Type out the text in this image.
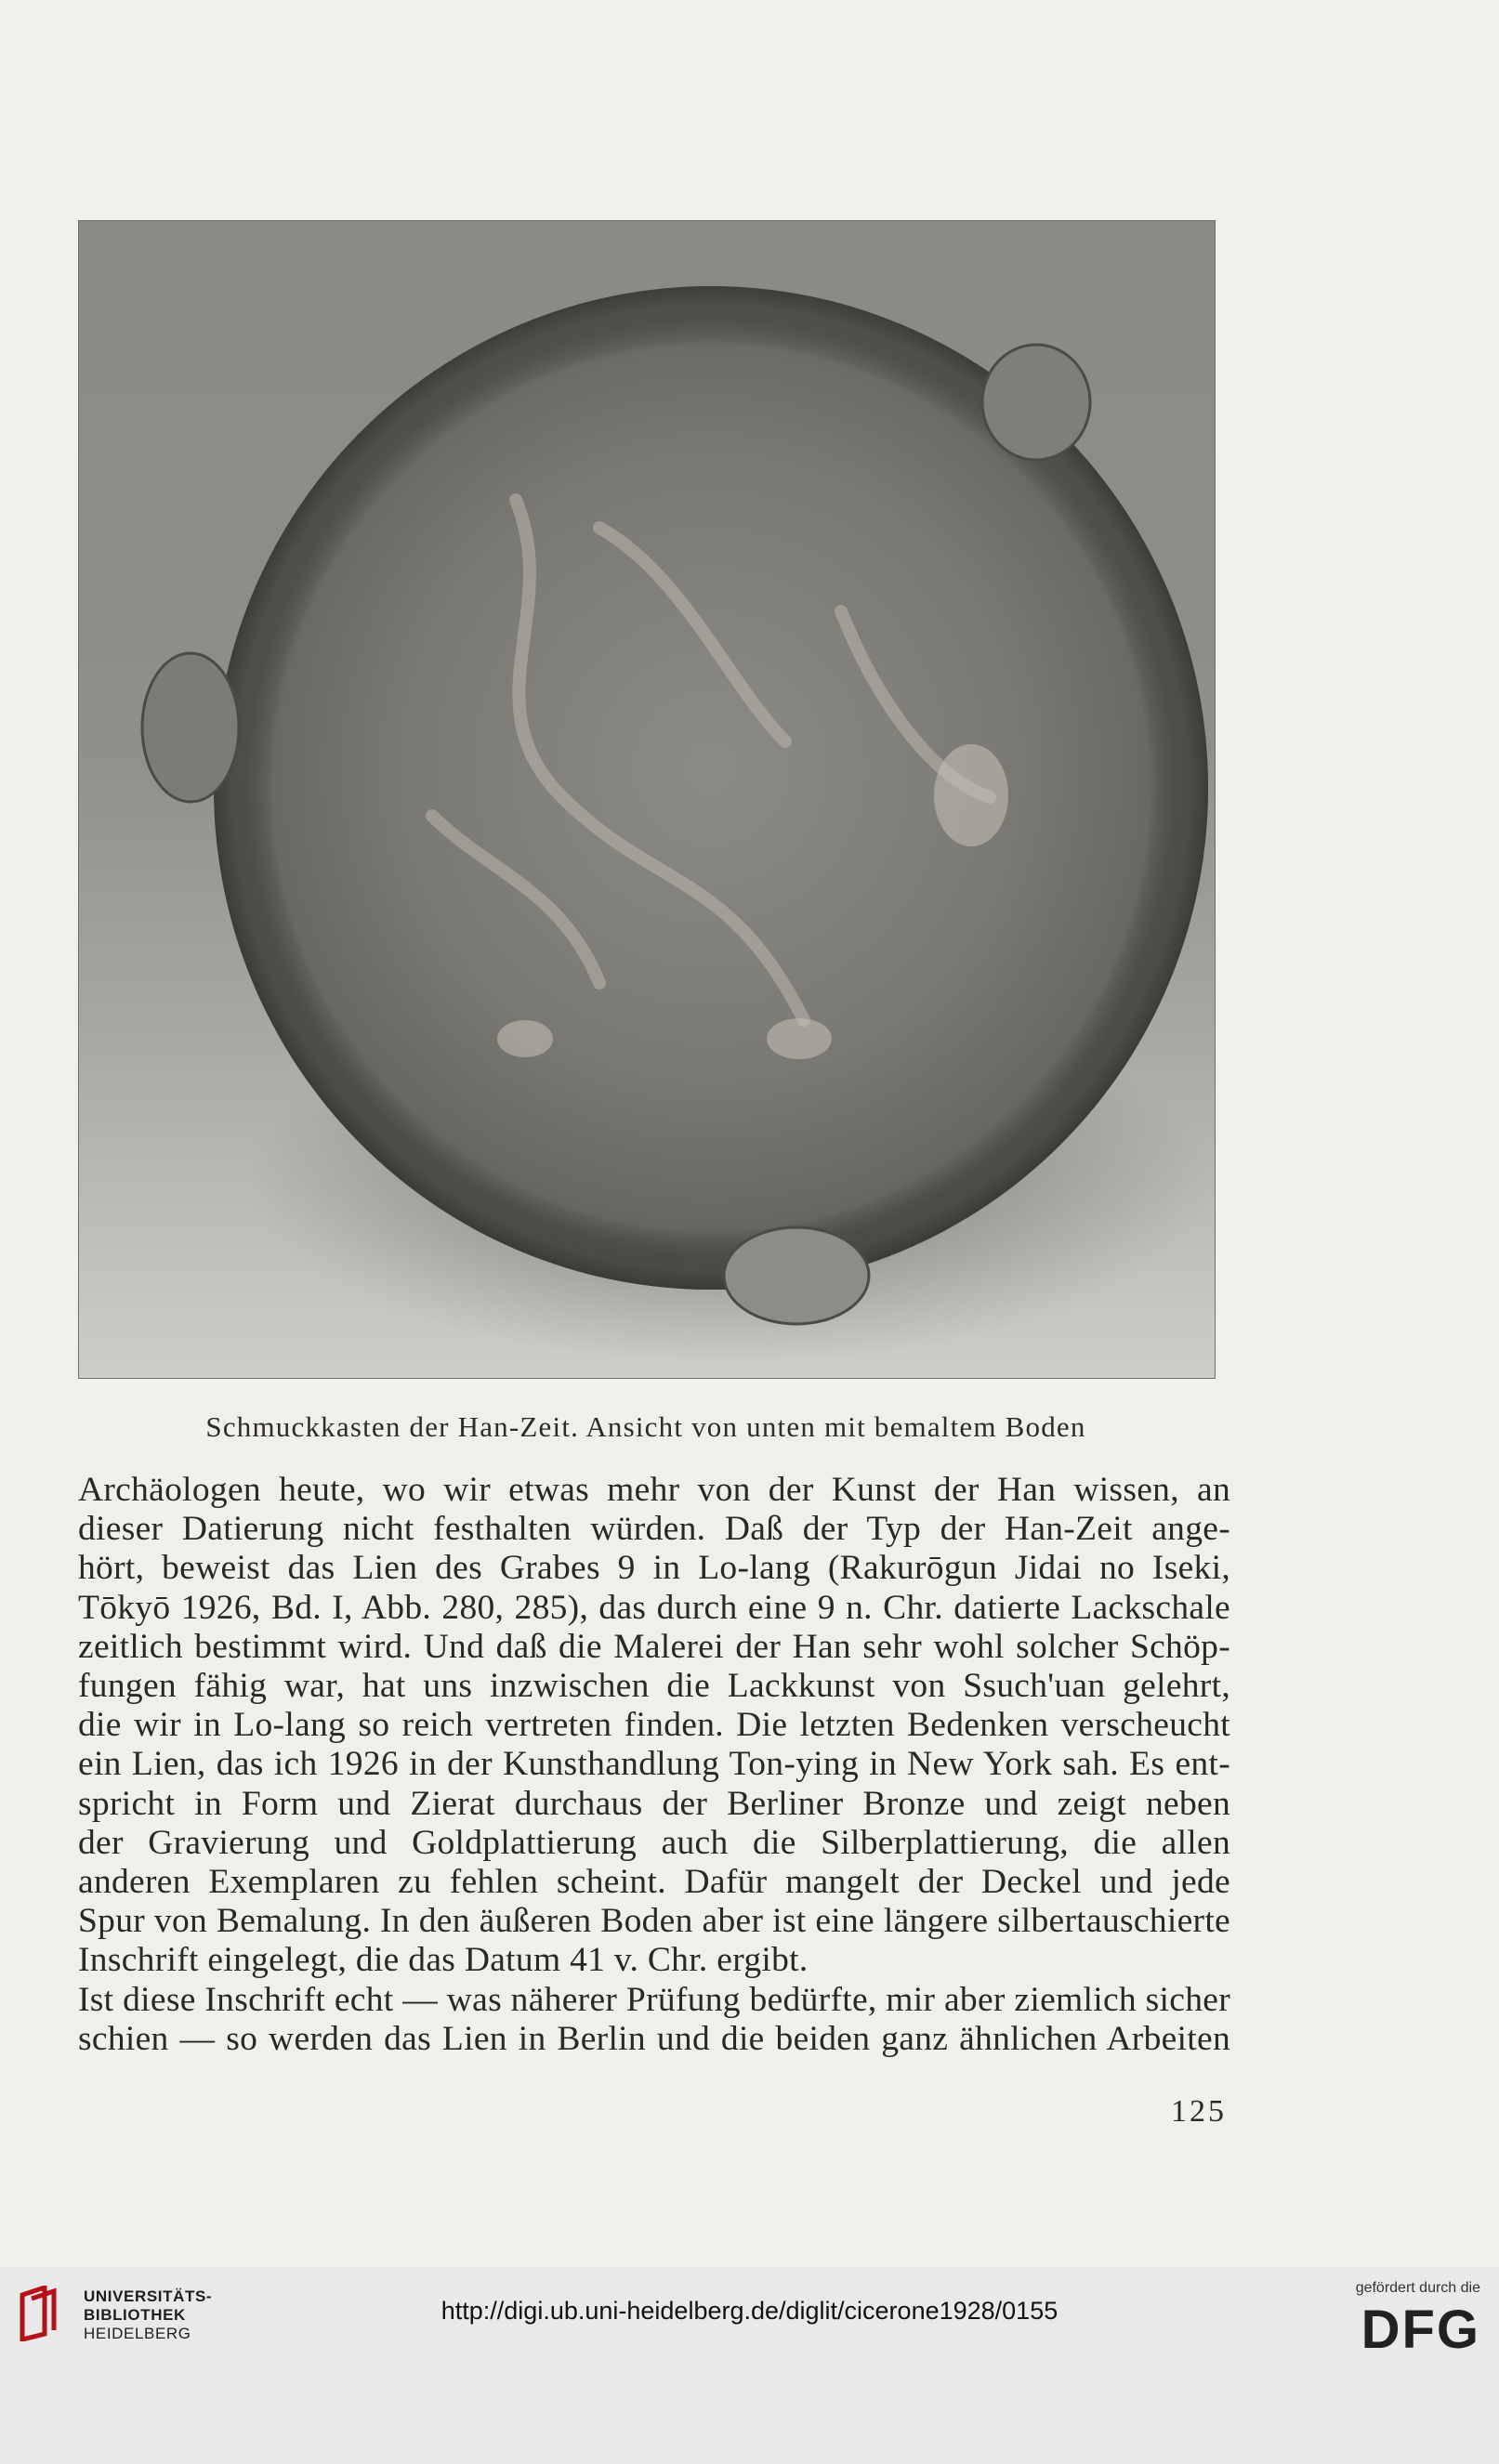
Schmuckkasten der Han-Zeit. Ansicht von unten mit bemaltem Boden
Archäologen heute, wo wir etwas mehr von der Kunst der Han wissen, an
dieser Datierung nicht festhalten würden. Daß der Typ der Han-Zeit ange-
hört, beweist das Lien des Grabes 9 in Lo-lang (Rakurōgun Jidai no Iseki,
Tōkyō 1926, Bd. I, Abb. 280, 285), das durch eine 9 n. Chr. datierte Lackschale
zeitlich bestimmt wird. Und daß die Malerei der Han sehr wohl solcher Schöp-
fungen fähig war, hat uns inzwischen die Lackkunst von Ssuch'uan gelehrt,
die wir in Lo-lang so reich vertreten finden. Die letzten Bedenken verscheucht
ein Lien, das ich 1926 in der Kunsthandlung Ton-ying in New York sah. Es ent-
spricht in Form und Zierat durchaus der Berliner Bronze und zeigt neben
der Gravierung und Goldplattierung auch die Silberplattierung, die allen
anderen Exemplaren zu fehlen scheint. Dafür mangelt der Deckel und jede
Spur von Bemalung. In den äußeren Boden aber ist eine längere silbertauschierte
Inschrift eingelegt, die das Datum 41 v. Chr. ergibt.
Ist diese Inschrift echt — was näherer Prüfung bedürfte, mir aber ziemlich sicher
schien — so werden das Lien in Berlin und die beiden ganz ähnlichen Arbeiten
125
UNIVERSITÄTS-
BIBLIOTHEK
HEIDELBERG
http://digi.ub.uni-heidelberg.de/diglit/cicerone1928/0155
gefördert durch die
DFG
